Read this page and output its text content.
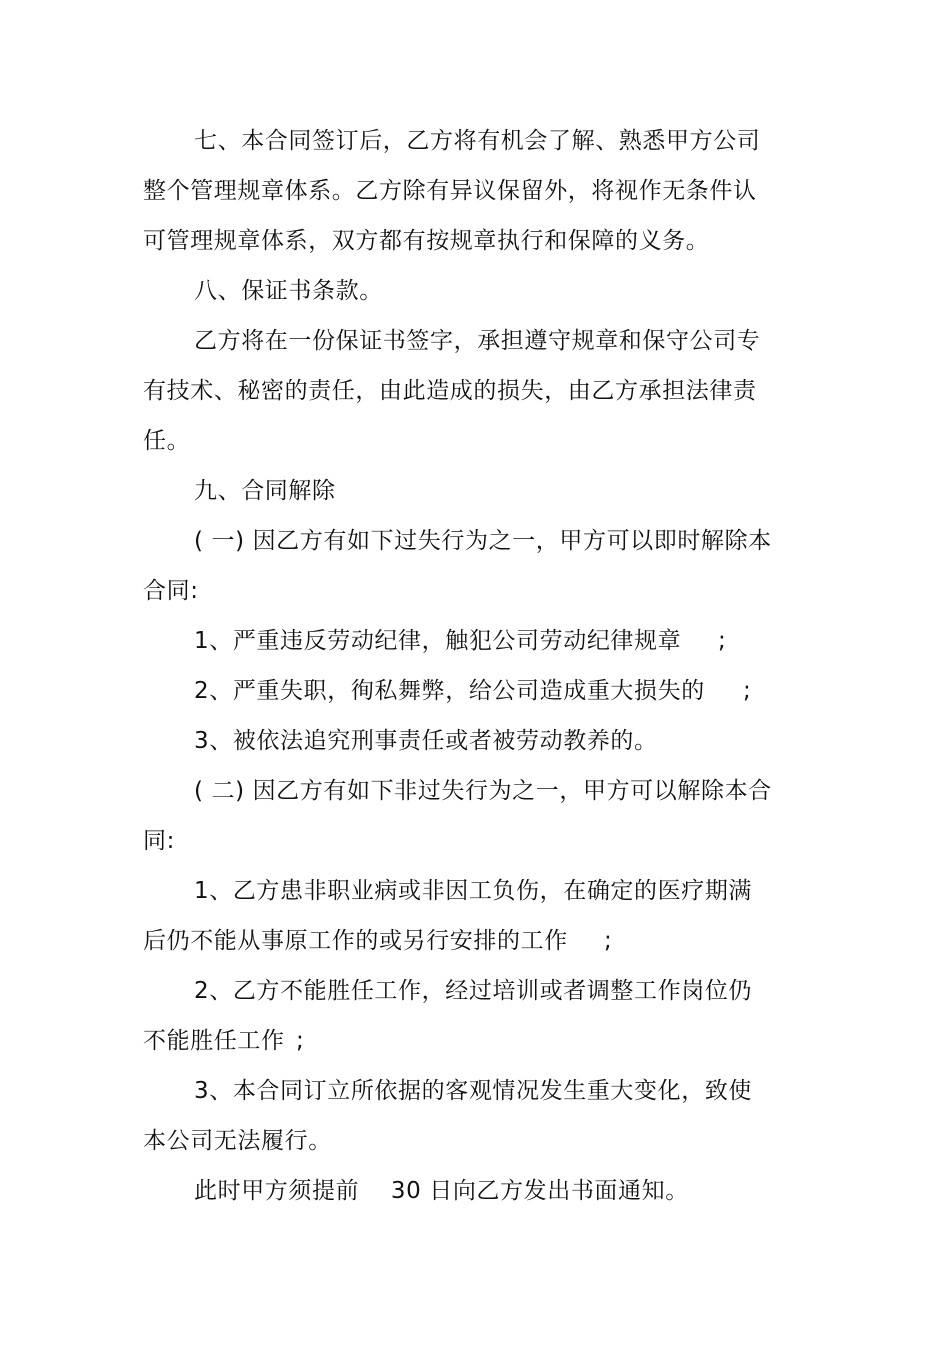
七、本合同签订后，乙方将有机会了解、熟悉甲方公司
整个管理规章体系。乙方除有异议保留外，将视作无条件认
可管理规章体系，双方都有按规章执行和保障的义务。
八、保证书条款。
乙方将在一份保证书签字，承担遵守规章和保守公司专
有技术、秘密的责任，由此造成的损失，由乙方承担法律责
任。
九、合同解除
( 一) 因乙方有如下过失行为之一，甲方可以即时解除本
合同:
1、严重违反劳动纪律，触犯公司劳动纪律规章 ;
2、严重失职，徇私舞弊，给公司造成重大损失的 ;
3、被依法追究刑事责任或者被劳动教养的。
( 二) 因乙方有如下非过失行为之一，甲方可以解除本合
同:
1、乙方患非职业病或非因工负伤，在确定的医疗期满
后仍不能从事原工作的或另行安排的工作 ;
2、乙方不能胜任工作，经过培训或者调整工作岗位仍
不能胜任工作 ;
3、本合同订立所依据的客观情况发生重大变化，致使
本公司无法履行。
此时甲方须提前    30 日向乙方发出书面通知。
